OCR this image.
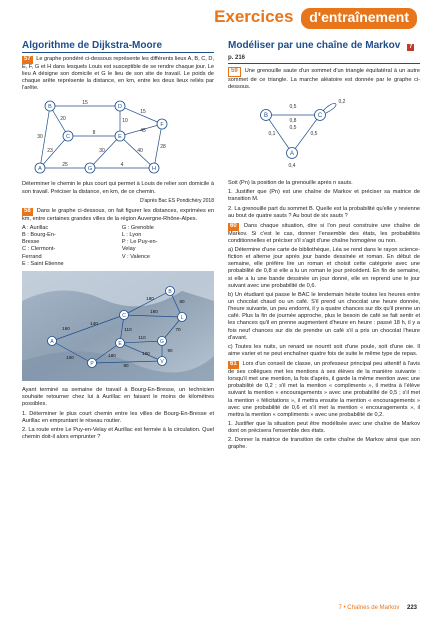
Exercices d'entraînement
Algorithme de Dijkstra-Moore

57 Le graphe pondéré ci-dessous représente les différents lieux A, B, C, D, E, F, G et H dans lesquels Louis est susceptible de se rendre chaque jour. Le lieu A désigne son domicile et G le lieu de son site de travail. Le poids de chaque arête représente la distance, en km, entre les deux lieux reliés par l'arête.

A
B
C
D
E
F
G	H
15
30
20
15
10
8
23
45
30	40
28
25	4

Déterminer le chemin le plus court qui permet à Louis de relier son domicile à son travail. Préciser la distance, en km, de ce chemin.

D'après Bac ES Pondichéry 2018

58 Dans le graphe ci-dessous, on fait figurer les distances, exprimées en km, entre certaines grandes villes de la région Auvergne-Rhône-Alpes.

A : Aurillac
B : Bourg-En-Bresse
C : Clermont-Ferrand
E : Saint Etienne
G : Grenoble
L : Lyon
P : Le Puy-en-Velay
V : Valence
B
C	L
A	E	G
P	V
80
180
180
140
110
160	70
110
100	180
80
90
100

Ayant terminé sa semaine de travail à Bourg-En-Bresse, un technicien souhaite retourner chez lui à Aurillac en faisant le moins de kilomètres possibles.

1. Déterminer le plus court chemin entre les villes de Bourg-En-Bresse et Aurillac en empruntant le réseau routier.

2. La route entre Le Puy-en-Velay et Aurillac est fermée à la circulation. Quel chemin doit-il alors emprunter ?

Modéliser par une chaîne de Markov 7 p. 216

59 Une grenouille saute d'un sommet d'un triangle équilatéral à un autre sommet de ce triangle. La marche aléatoire est donnée par le graphe ci-dessous.

A
B	C
0,5
0,2
0,8
0,5
0,1	0,5
0,4

Soit (Pn) la position de la grenouille après n sauts.

1. Justifier que (Pn) est une chaîne de Markov et préciser sa matrice de transition M.

2. La grenouille part du sommet B. Quelle est la probabilité qu'elle y revienne au bout de quatre sauts ? Au bout de six sauts ?

60 Dans chaque situation, dire si l'on peut construire une chaîne de Markov. Si c'est le cas, donner l'ensemble des états, les probabilités conditionnelles et préciser s'il s'agit d'une chaîne homogène ou non.

a) Détermine d'une carte de bibliothèque, Léa se rend dans le rayon science-fiction et alterne jour après jour bande dessinée et roman. En début de semaine, elle préfère lire un roman et choisit cette catégorie avec une probabilité de 0,8 si elle a lu un roman le jour précédent. En fin de semaine, si elle a lu une bande dessinée un jour donné, elle en reprend une le jour suivant avec une probabilité de 0,6.

b) Un étudiant qui passe le BAC le lendemain hésite toutes les heures entre un chocolat chaud ou un café. S'il prend un chocolat une heure donnée, l'heure suivante, un peu endormi, il y a quatre chances sur dix qu'il prenne un café. Plus la fin de journée approche, plus le besoin de café se fait sentir et les chances qu'il en prenne augmentent d'heure en heure : passé 18 h, il y a fois neuf chances sur dix de prendre un café s'il a pris un chocolat l'heure d'avant.

c) Toutes les nuits, un renard se nourrit soit d'une poule, soit d'une oie. Il aime varier et ne peut enchaîner quatre fois de suite le même type de repas.

61 Lors d'un conseil de classe, un professeur principal peu attentif à l'avis de ses collègues met les mentions à ses élèves de la manière suivante : lorsqu'il met une mention, la fois d'après, il garde la même mention avec une probabilité de 0,2 ; s'il met la mention « compliments », il mettra à l'élève suivant la mention « encouragements » avec une probabilité de 0,5 ; s'il met la mention « félicitations », il mettra ensuite la mention « encouragements » avec une probabilité de 0,6 et s'il met la mention « encouragements », il mettra la mention « compliments » avec une probabilité de 0,2.

1. Justifier que la situation peut être modélisée avec une chaîne de Markov dont on précisera l'ensemble des états.

2. Donner la matrice de transition de cette chaîne de Markov ainsi que son graphe.

7 • Chaînes de Markov 223
